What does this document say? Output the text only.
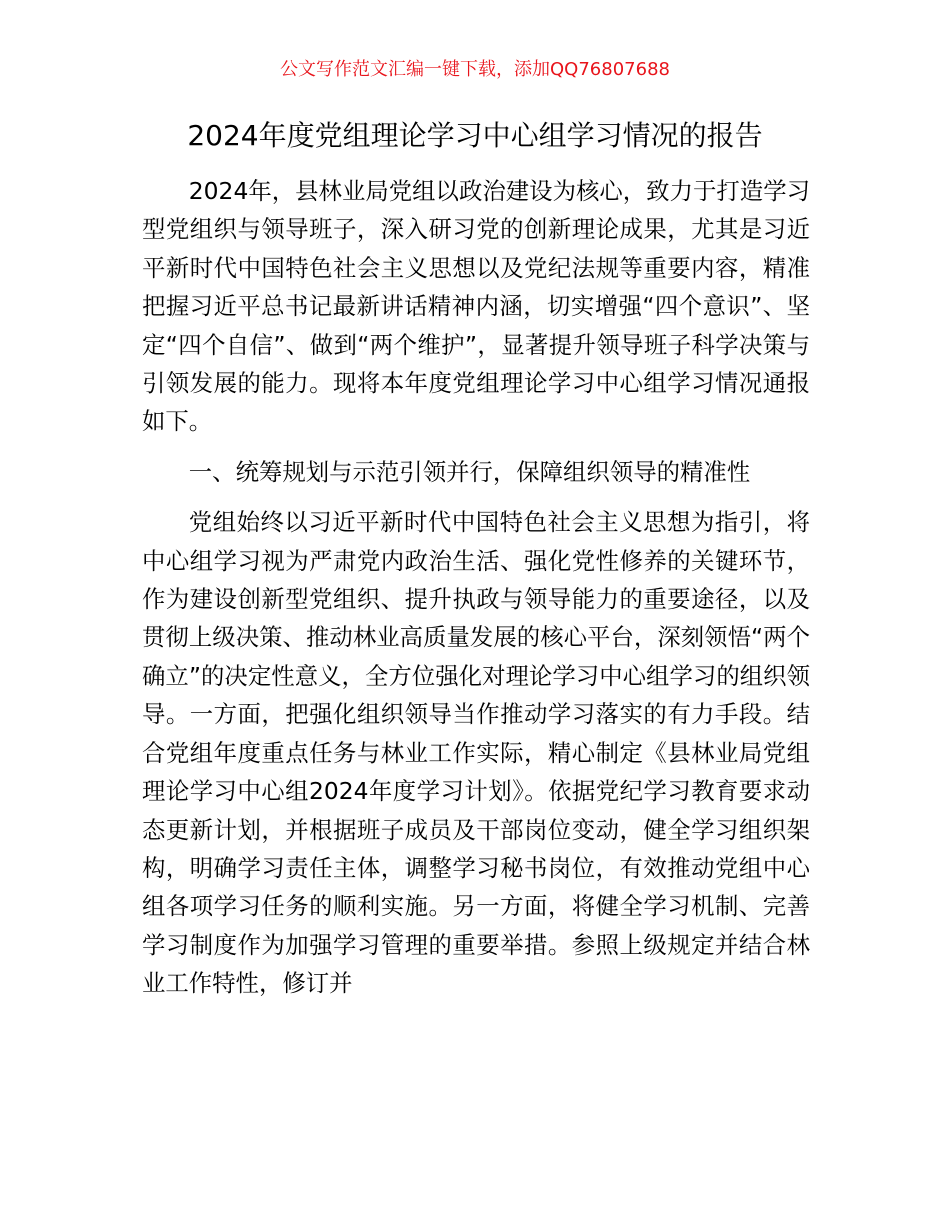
公文写作范文汇编一键下载，添加QQ76807688
2024年度党组理论学习中心组学习情况的报告

2024年，县林业局党组以政治建设为核心，致力于打造学习型党组织与领导班子，深入研习党的创新理论成果，尤其是习近平新时代中国特色社会主义思想以及党纪法规等重要内容，精准把握习近平总书记最新讲话精神内涵，切实增强“四个意识”、坚定“四个自信”、做到“两个维护”，显著提升领导班子科学决策与引领发展的能力。现将本年度党组理论学习中心组学习情况通报如下。

一、统筹规划与示范引领并行，保障组织领导的精准性

党组始终以习近平新时代中国特色社会主义思想为指引，将中心组学习视为严肃党内政治生活、强化党性修养的关键环节，作为建设创新型党组织、提升执政与领导能力的重要途径，以及贯彻上级决策、推动林业高质量发展的核心平台，深刻领悟“两个确立”的决定性意义，全方位强化对理论学习中心组学习的组织领导。一方面，把强化组织领导当作推动学习落实的有力手段。结合党组年度重点任务与林业工作实际，精心制定《县林业局党组理论学习中心组2024年度学习计划》。依据党纪学习教育要求动态更新计划，并根据班子成员及干部岗位变动，健全学习组织架构，明确学习责任主体，调整学习秘书岗位，有效推动党组中心组各项学习任务的顺利实施。另一方面，将健全学习机制、完善学习制度作为加强学习管理的重要举措。参照上级规定并结合林业工作特性，修订并
